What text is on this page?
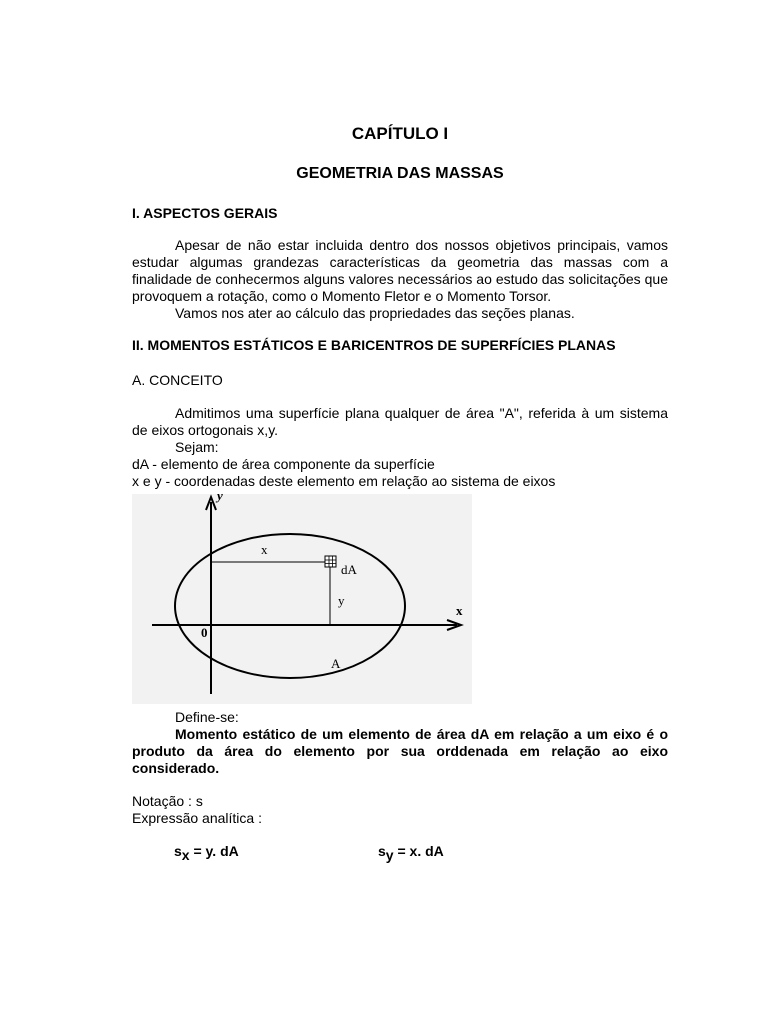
CAPÍTULO I
GEOMETRIA DAS MASSAS
I. ASPECTOS GERAIS

Apesar de não estar incluida dentro dos nossos objetivos principais, vamos estudar algumas grandezas características da geometria das massas com a finalidade de conhecermos alguns valores necessários ao estudo das solicitações que provoquem a rotação, como o Momento Fletor e o Momento Torsor.

Vamos nos ater ao cálculo das propriedades das seções planas.

II. MOMENTOS ESTÁTICOS E BARICENTROS DE SUPERFÍCIES PLANAS
A. CONCEITO

Admitimos uma superfície plana qualquer de área "A", referida à um sistema de eixos ortogonais x,y.

Sejam:
dA - elemento de área componente da superfície
x e y - coordenadas deste elemento em relação ao sistema de eixos
y
x
0
x
y
dA
A
Define-se:
Momento estático de um elemento de área dA em relação a um eixo é o produto da área do elemento por sua orddenada em relação ao eixo considerado.
Notação : s
Expressão analítica :
$s_x = y$. dA	$s_y = x$. dA
